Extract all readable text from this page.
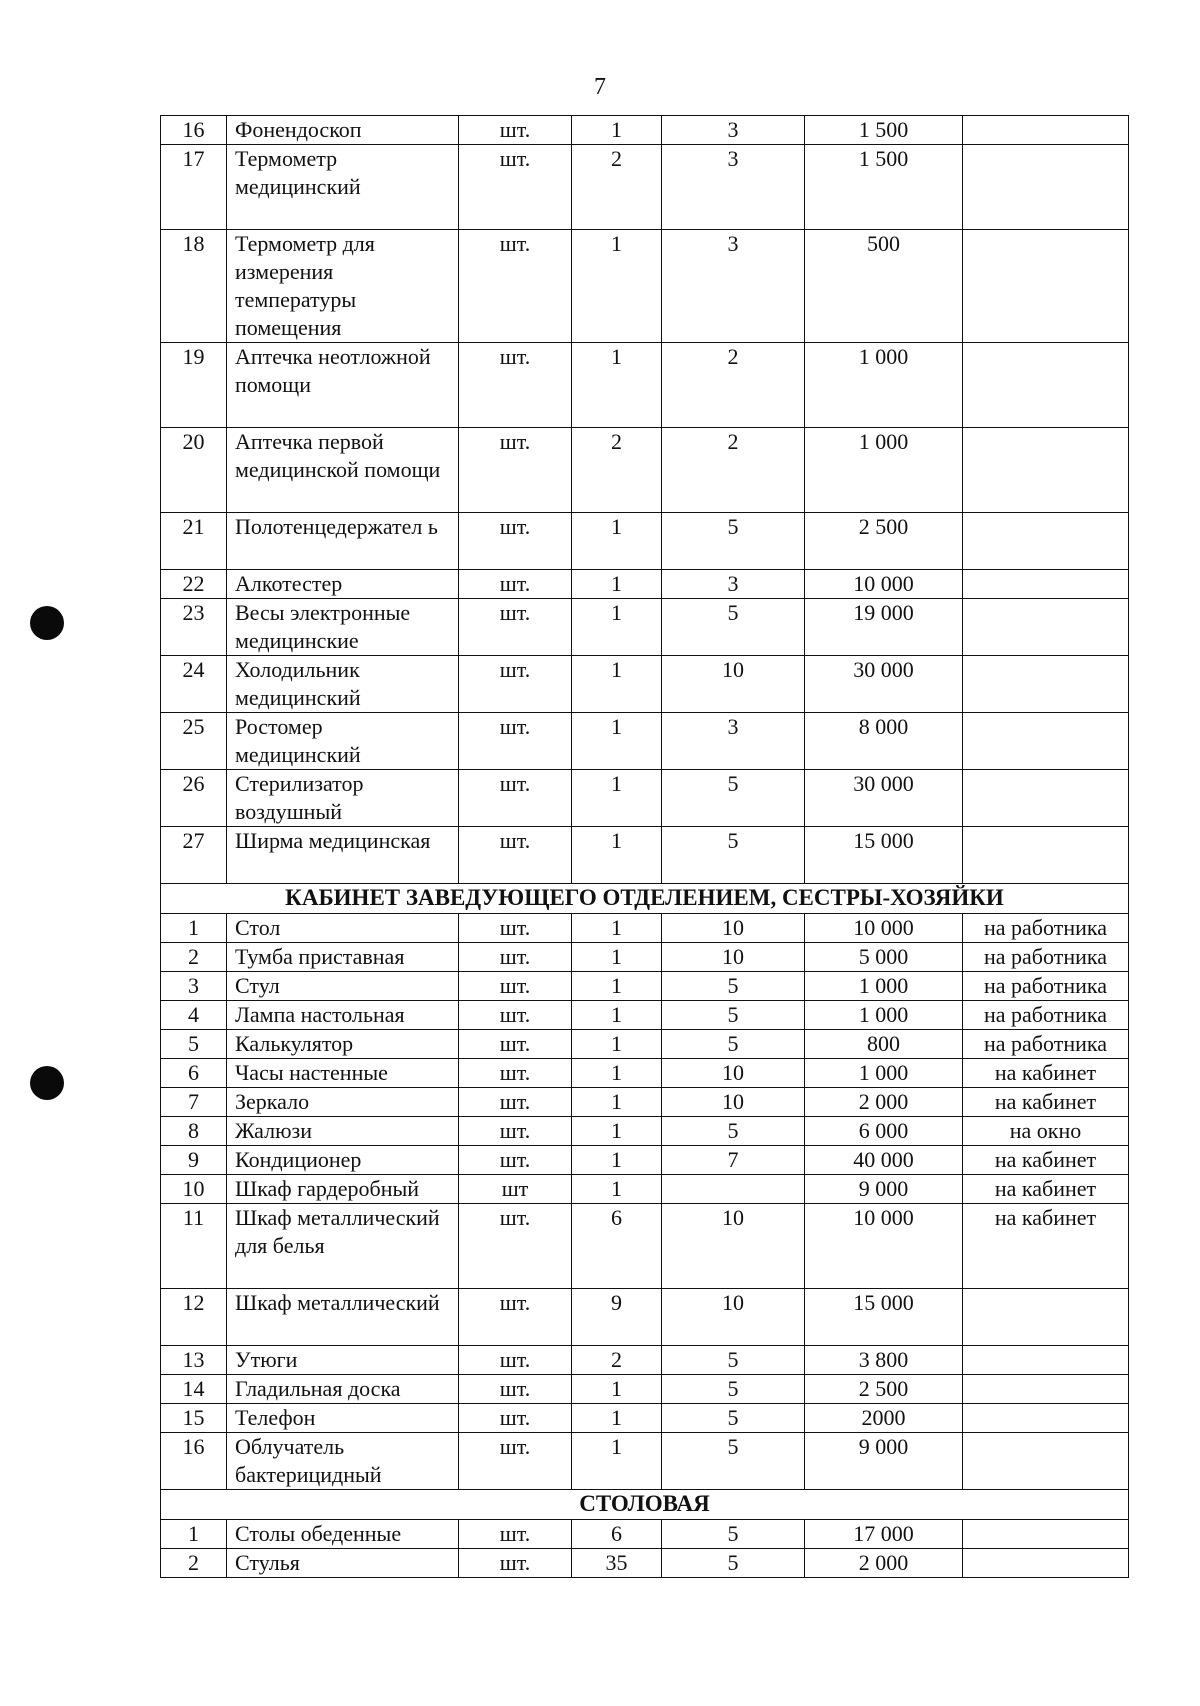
7
16	Фонендоскоп	шт.	1	3	1 500	
17	Термометр медицинский	шт.	2	3	1 500	
18	Термометр для измерения температуры помещения	шт.	1	3	500	
19	Аптечка неотложной помощи	шт.	1	2	1 000	
20	Аптечка первой медицинской помощи	шт.	2	2	1 000	
21	Полотенцедержател ь	шт.	1	5	2 500	
22	Алкотестер	шт.	1	3	10 000	
23	Весы электронные медицинские	шт.	1	5	19 000	
24	Холодильник медицинский	шт.	1	10	30 000	
25	Ростомер медицинский	шт.	1	3	8 000	
26	Стерилизатор воздушный	шт.	1	5	30 000	
27	Ширма медицинская	шт.	1	5	15 000	
КАБИНЕТ ЗАВЕДУЮЩЕГО ОТДЕЛЕНИЕМ, СЕСТРЫ-ХОЗЯЙКИ						
1	Стол	шт.	1	10	10 000	на работника
2	Тумба приставная	шт.	1	10	5 000	на работника
3	Стул	шт.	1	5	1 000	на работника
4	Лампа настольная	шт.	1	5	1 000	на работника
5	Калькулятор	шт.	1	5	800	на работника
6	Часы настенные	шт.	1	10	1 000	на кабинет
7	Зеркало	шт.	1	10	2 000	на кабинет
8	Жалюзи	шт.	1	5	6 000	на окно
9	Кондиционер	шт.	1	7	40 000	на кабинет
10	Шкаф гардеробный	шт	1		9 000	на кабинет
11	Шкаф металлический для белья	шт.	6	10	10 000	на кабинет
12	Шкаф металлический	шт.	9	10	15 000	
13	Утюги	шт.	2	5	3 800	
14	Гладильная доска	шт.	1	5	2 500	
15	Телефон	шт.	1	5	2000	
16	Облучатель бактерицидный	шт.	1	5	9 000	
СТОЛОВАЯ						
1	Столы обеденные	шт.	6	5	17 000	
2	Стулья	шт.	35	5	2 000	
